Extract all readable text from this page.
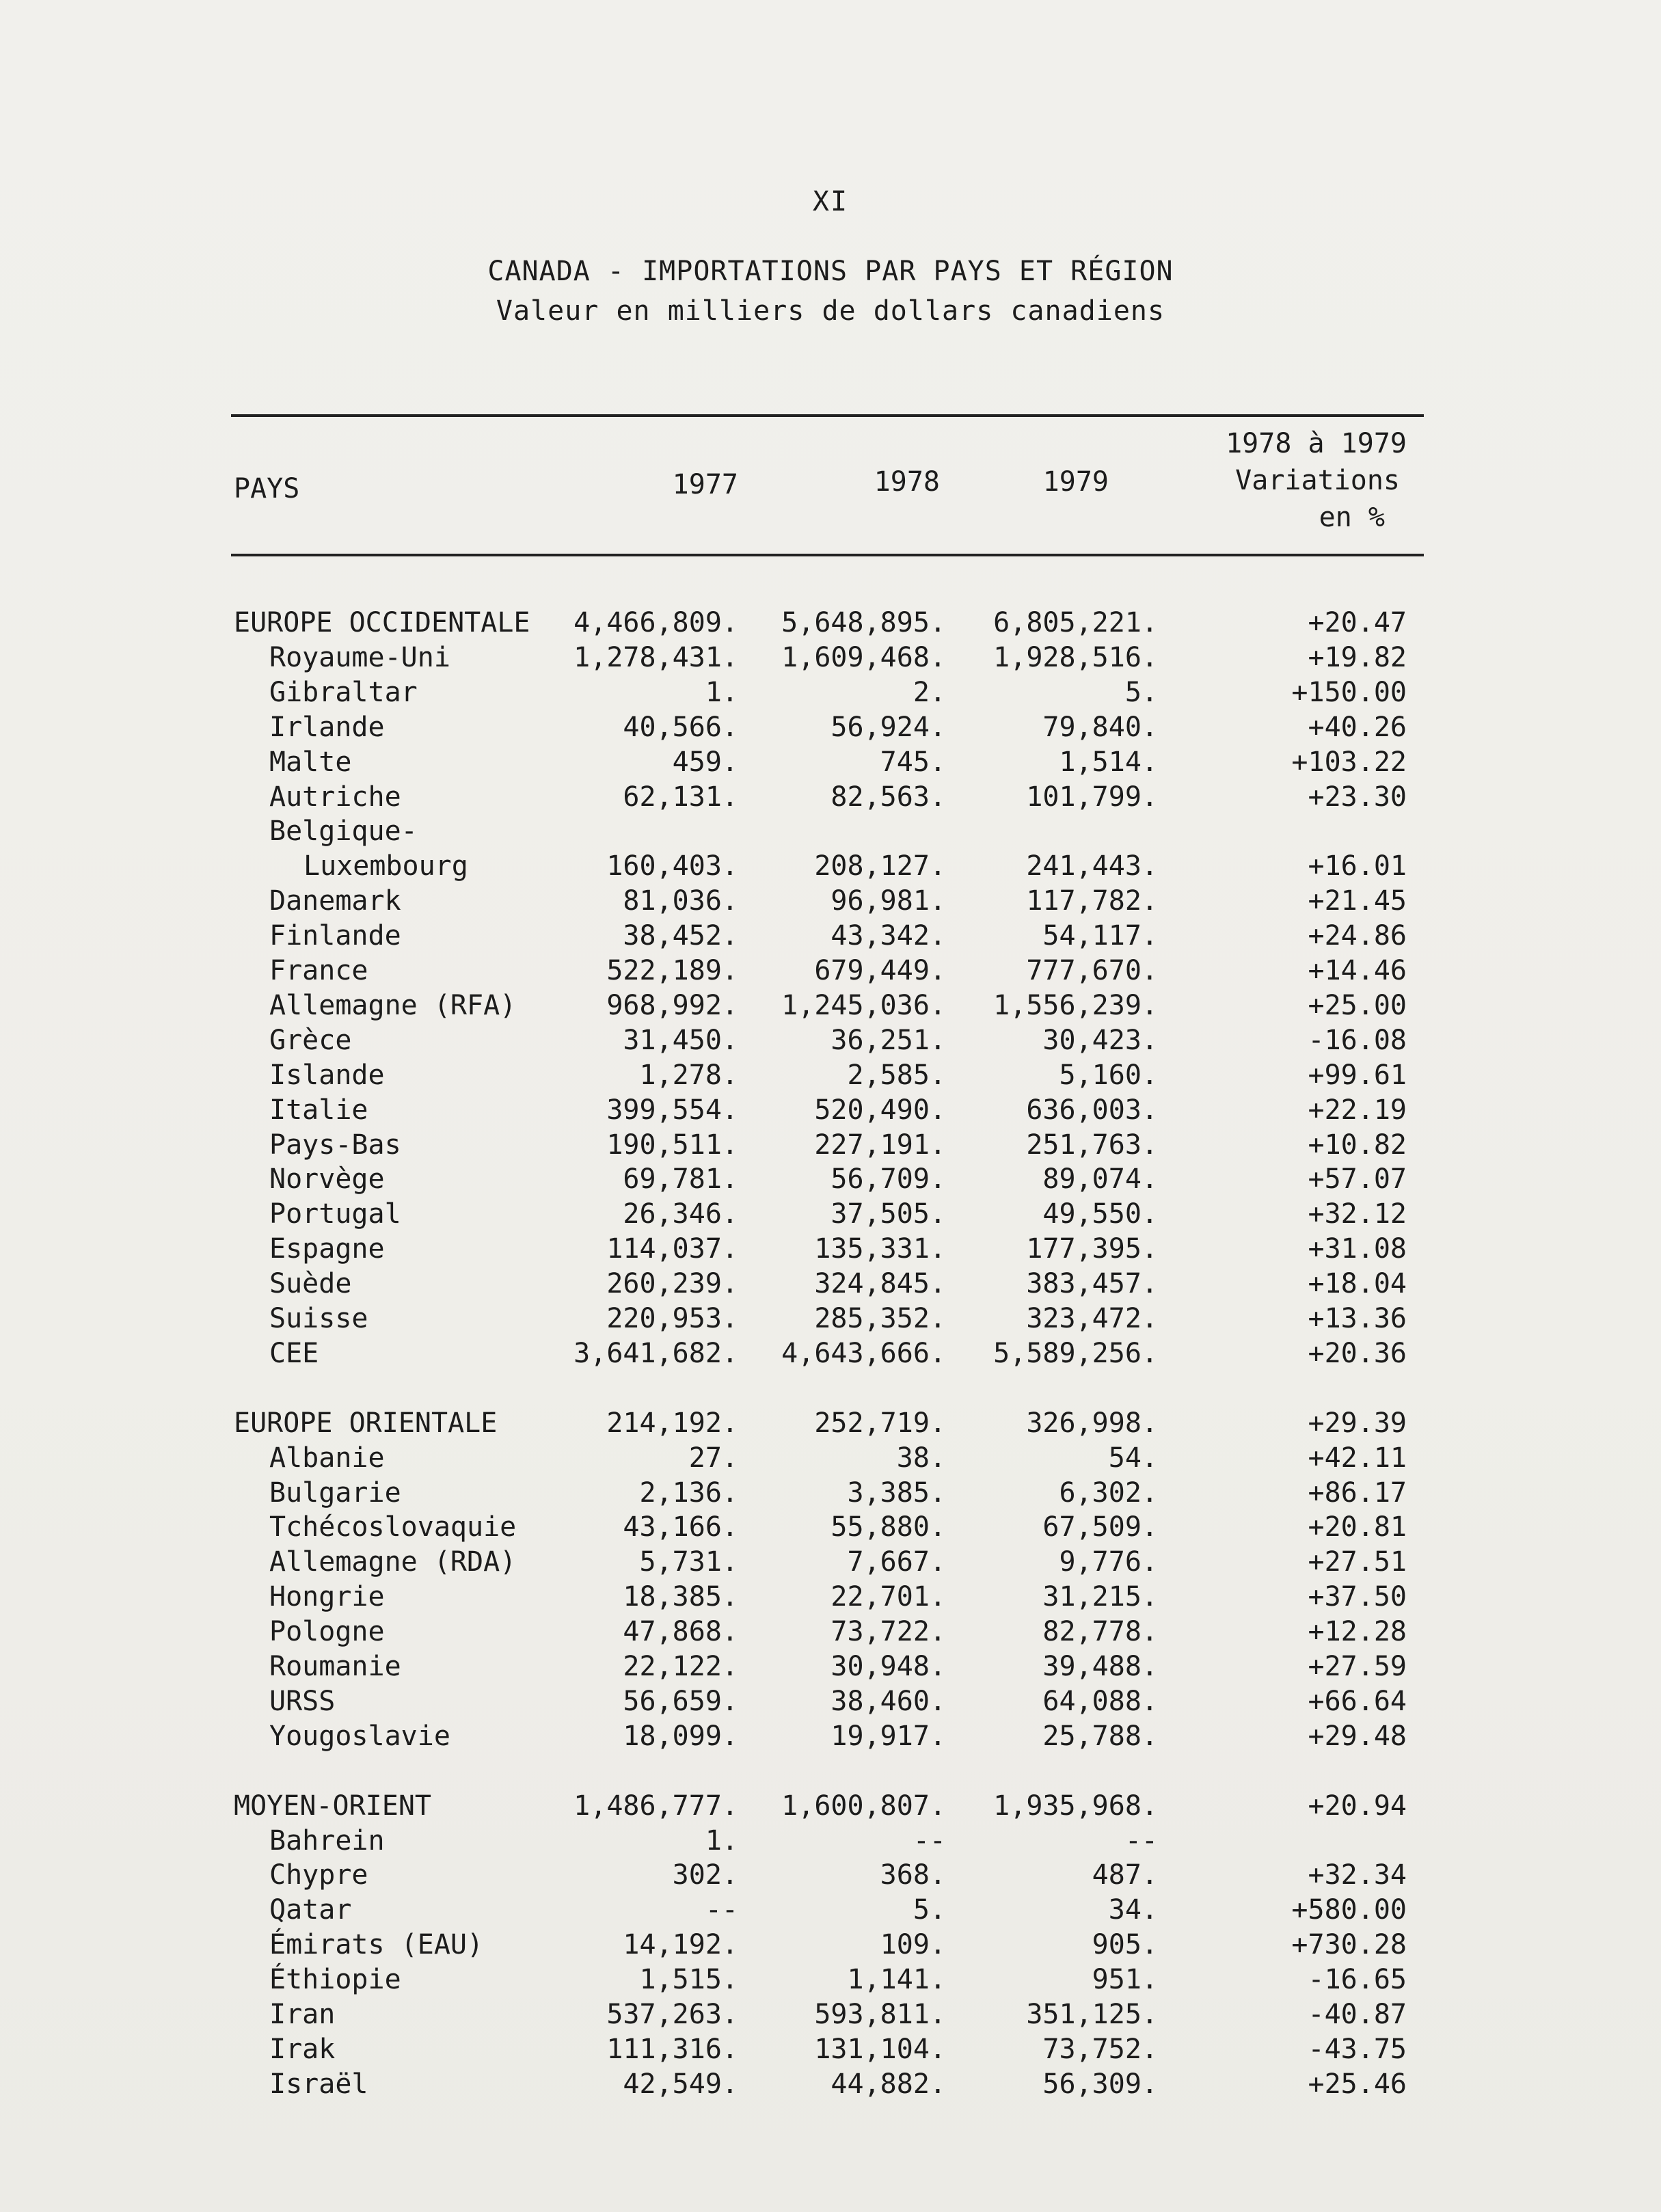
XI
CANADA - IMPORTATIONS PAR PAYS ET RÉGION
Valeur en milliers de dollars canadiens
PAYS	1977	1978	1979
1978 à 1979
Variations
en %
EUROPE OCCIDENTALE 4,466,809. 5,648,895. 6,805,221.	+20.47
Royaume-Uni	1,278,431. 1,609,468. 1,928,516.	+19.82
Gibraltar	1.	2.	5.	+150.00
Irlande	40,566.	56,924.	79,840.	+40.26
Malte	459.	745.	1,514.	+103.22
Autriche	62,131.	82,563.	101,799.	+23.30
Belgique-
Luxembourg	160,403.	208,127.	241,443.	+16.01
Danemark	81,036.	96,981.	117,782.	+21.45
Finlande	38,452.	43,342.	54,117.	+24.86
France	522,189.	679,449.	777,670.	+14.46
Allemagne (RFA)	968,992. 1,245,036. 1,556,239.	+25.00
Grèce	31,450.	36,251.	30,423.	-16.08
Islande	1,278.	2,585.	5,160.	+99.61
Italie	399,554.	520,490.	636,003.	+22.19
Pays-Bas	190,511.	227,191.	251,763.	+10.82
Norvège	69,781.	56,709.	89,074.	+57.07
Portugal	26,346.	37,505.	49,550.	+32.12
Espagne	114,037.	135,331.	177,395.	+31.08
Suède	260,239.	324,845.	383,457.	+18.04
Suisse	220,953.	285,352.	323,472.	+13.36
CEE	3,641,682. 4,643,666. 5,589,256.	+20.36
EUROPE ORIENTALE	214,192.	252,719.	326,998.	+29.39
Albanie	27.	38.	54.	+42.11
Bulgarie	2,136.	3,385.	6,302.	+86.17
Tchécoslovaquie	43,166.	55,880.	67,509.	+20.81
Allemagne (RDA)	5,731.	7,667.	9,776.	+27.51
Hongrie	18,385.	22,701.	31,215.	+37.50
Pologne	47,868.	73,722.	82,778.	+12.28
Roumanie	22,122.	30,948.	39,488.	+27.59
URSS	56,659.	38,460.	64,088.	+66.64
Yougoslavie	18,099.	19,917.	25,788.	+29.48
MOYEN-ORIENT	1,486,777. 1,600,807. 1,935,968.	+20.94
Bahrein	1.	--	--
Chypre	302.	368.	487.	+32.34
Qatar	--	5.	34.	+580.00
Émirats (EAU)	14,192.	109.	905.	+730.28
Éthiopie	1,515.	1,141.	951.	-16.65
Iran	537,263.	593,811.	351,125.	-40.87
Irak	111,316.	131,104.	73,752.	-43.75
Israël	42,549.	44,882.	56,309.	+25.46
